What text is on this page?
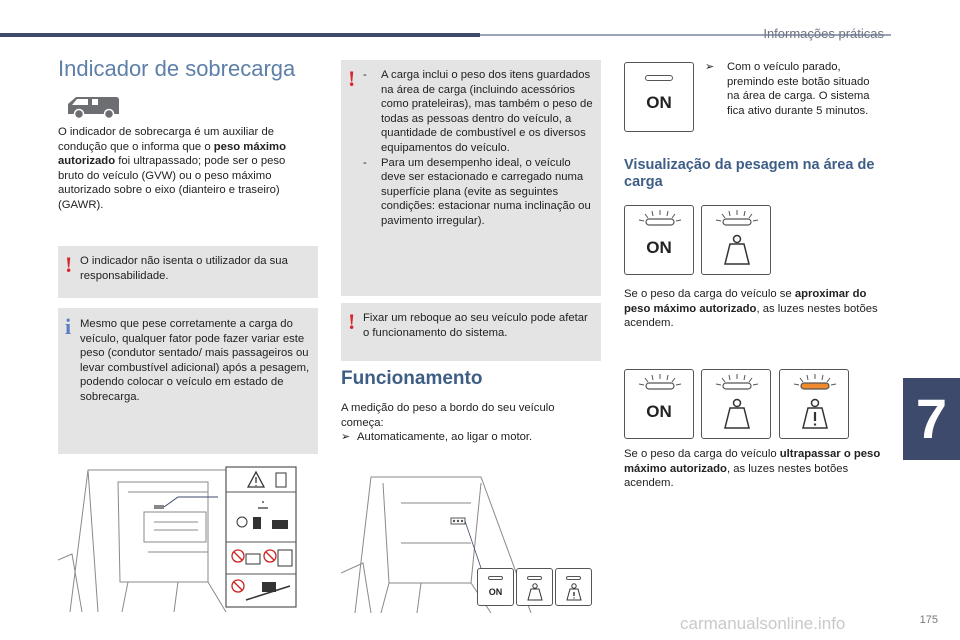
Informações práticas
Indicador de sobrecarga

O indicador de sobrecarga é um auxiliar de condução que o informa que o peso máximo autorizado foi ultrapassado; pode ser o peso bruto do veículo (GVW) ou o peso máximo autorizado sobre o eixo (dianteiro e traseiro) (GAWR).

! O indicador não isenta o utilizador da sua responsabilidade.

i Mesmo que pese corretamente a carga do veículo, qualquer fator pode fazer variar este peso (condutor sentado/ mais passageiros ou levar combustível adicional) após a pesagem, podendo colocar o veículo em estado de sobrecarga.

! -	A carga inclui o peso dos itens guardados na área de carga (incluindo acessórios como prateleiras), mas também o peso de todas as pessoas dentro do veículo, a quantidade de combustível e os diversos equipamentos do veículo.

-	Para um desempenho ideal, o veículo deve ser estacionado e carregado numa superfície plana (evite as seguintes condições: estacionar numa inclinação ou pavimento irregular).

! Fixar um reboque ao seu veículo pode afetar o funcionamento do sistema.

Funcionamento

A medição do peso a bordo do seu veículo começa:

➢ Automaticamente, ao ligar o motor.

ON
ON
➢	Com o veículo parado, premindo este botão situado na área de carga. O sistema fica ativo durante 5 minutos.

Visualização da pesagem na área de carga
ON

Se o peso da carga do veículo se aproximar do peso máximo autorizado, as luzes nestes botões acendem.

ON

Se o peso da carga do veículo ultrapassar o peso máximo autorizado, as luzes nestes botões acendem.

7
carmanualsonline.info	175
